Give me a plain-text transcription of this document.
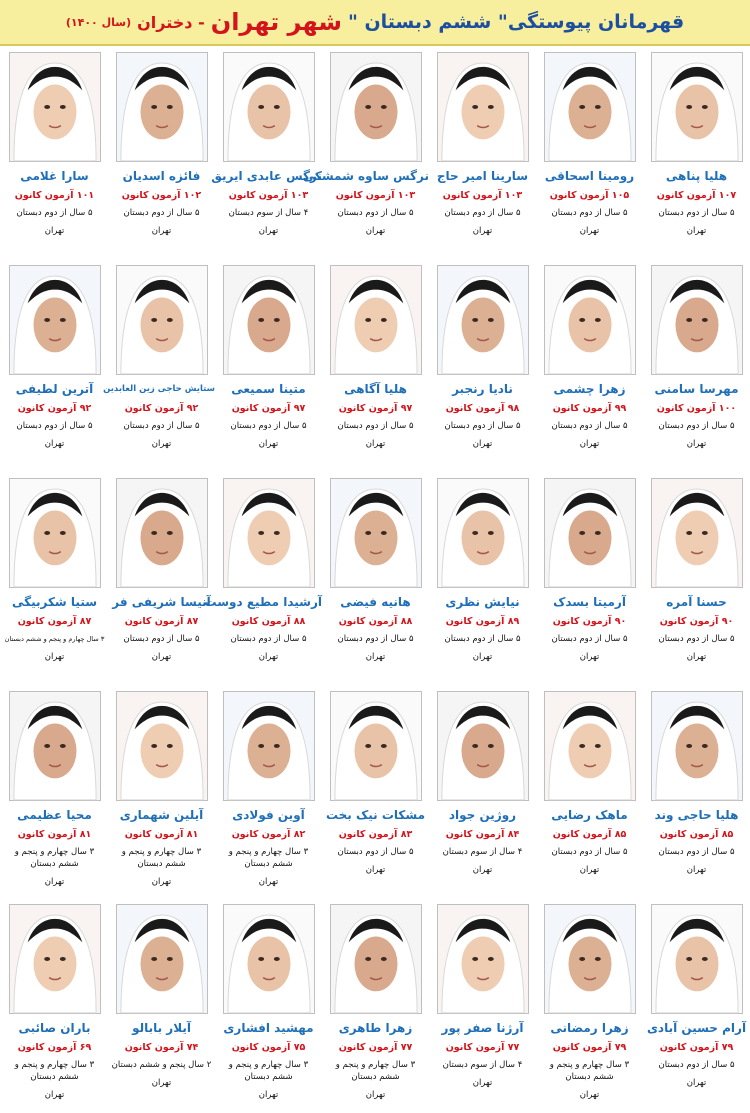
قهرمانان پیوستگی" ششم دبستان "
شهر تهران
- دختران
(سال ۱۴۰۰)
هلیا پناهی
۱۰۷ آزمون کانون
۵ سال از دوم دبستان
تهران
رومینا اسحاقی
۱۰۵ آزمون کانون
۵ سال از دوم دبستان
تهران
سارینا امیر حاج
۱۰۳ آزمون کانون
۵ سال از دوم دبستان
تهران
نرگس ساوه شمشکی
۱۰۳ آزمون کانون
۵ سال از دوم دبستان
تهران
نرگس عابدی ایریق
۱۰۳ آزمون کانون
۴ سال از سوم دبستان
تهران
فائزه اسدیان
۱۰۲ آزمون کانون
۵ سال از دوم دبستان
تهران
سارا غلامی
۱۰۱ آزمون کانون
۵ سال از دوم دبستان
تهران
مهرسا سامنی
۱۰۰ آزمون کانون
۵ سال از دوم دبستان
تهران
زهرا چشمی
۹۹ آزمون کانون
۵ سال از دوم دبستان
تهران
نادیا رنجبر
۹۸ آزمون کانون
۵ سال از دوم دبستان
تهران
هلیا آگاهی
۹۷ آزمون کانون
۵ سال از دوم دبستان
تهران
متینا سمیعی
۹۷ آزمون کانون
۵ سال از دوم دبستان
تهران
ستایش حاجی زین العابدین
۹۲ آزمون کانون
۵ سال از دوم دبستان
تهران
آترین لطیفی
۹۲ آزمون کانون
۵ سال از دوم دبستان
تهران
حسنا آمره
۹۰ آزمون کانون
۵ سال از دوم دبستان
تهران
آرمیتا بسدک
۹۰ آزمون کانون
۵ سال از دوم دبستان
تهران
نیایش نظری
۸۹ آزمون کانون
۵ سال از دوم دبستان
تهران
هانیه فیضی
۸۸ آزمون کانون
۵ سال از دوم دبستان
تهران
آرشیدا مطیع دوست
۸۸ آزمون کانون
۵ سال از دوم دبستان
تهران
آنیسا شریفی فر
۸۷ آزمون کانون
۵ سال از دوم دبستان
تهران
ستیا شکربیگی
۸۷ آزمون کانون
۳ سال چهارم و پنجم و ششم دبستان
تهران
هلیا حاجی وند
۸۵ آزمون کانون
۵ سال از دوم دبستان
تهران
ماهک رضایی
۸۵ آزمون کانون
۵ سال از دوم دبستان
تهران
روژین جواد
۸۴ آزمون کانون
۴ سال از سوم دبستان
تهران
مشکات نیک بخت
۸۳ آزمون کانون
۵ سال از دوم دبستان
تهران
آوین فولادی
۸۲ آزمون کانون
۳ سال چهارم و پنجم و ششم دبستان
تهران
آیلین شهماری
۸۱ آزمون کانون
۳ سال چهارم و پنجم و ششم دبستان
تهران
محیا عظیمی
۸۱ آزمون کانون
۳ سال چهارم و پنجم و ششم دبستان
تهران
آرام حسین آبادی
۷۹ آزمون کانون
۵ سال از دوم دبستان
تهران
زهرا رمضانی
۷۹ آزمون کانون
۳ سال چهارم و پنجم و ششم دبستان
تهران
آرژنا صفر پور
۷۷ آزمون کانون
۴ سال از سوم دبستان
تهران
زهرا طاهری
۷۷ آزمون کانون
۳ سال چهارم و پنجم و ششم دبستان
تهران
مهشید افشاری
۷۵ آزمون کانون
۳ سال چهارم و پنجم و ششم دبستان
تهران
آیلار بابالو
۷۴ آزمون کانون
۲ سال پنجم و ششم دبستان
تهران
باران صائبی
۶۹ آزمون کانون
۳ سال چهارم و پنجم و ششم دبستان
تهران
